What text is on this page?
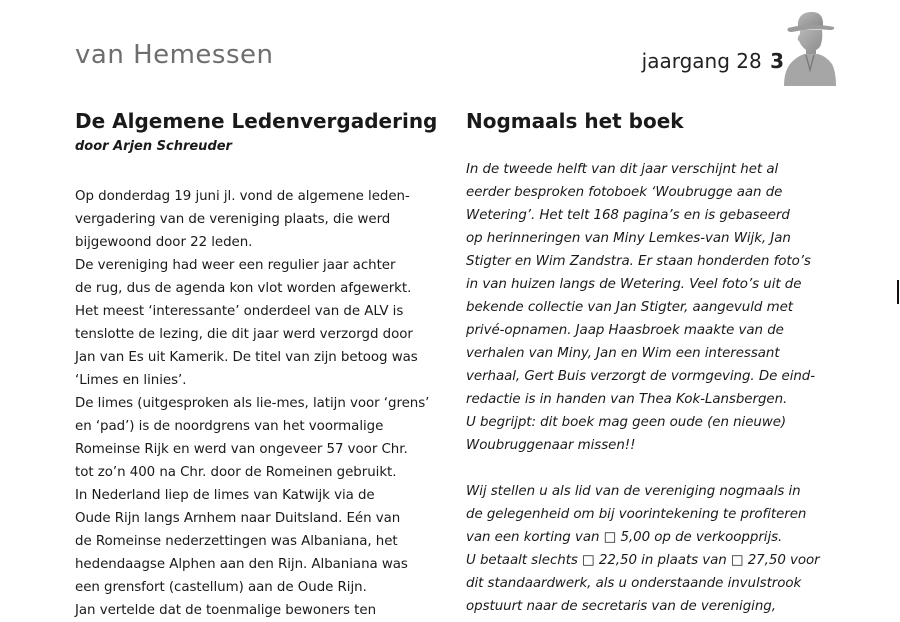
van Hemessen	jaargang 28 3
De Algemene Ledenvergadering
door Arjen Schreuder
Op donderdag 19 juni jl. vond de algemene leden-
vergadering van de vereniging plaats, die werd
bijgewoond door 22 leden.
De vereniging had weer een regulier jaar achter
de rug, dus de agenda kon vlot worden afgewerkt.
Het meest ‘interessante’ onderdeel van de ALV is
tenslotte de lezing, die dit jaar werd verzorgd door
Jan van Es uit Kamerik. De titel van zijn betoog was
‘Limes en linies’.
De limes (uitgesproken als lie-mes, latijn voor ‘grens’
en ‘pad’) is de noordgrens van het voormalige
Romeinse Rijk en werd van ongeveer 57 voor Chr.
tot zo’n 400 na Chr. door de Romeinen gebruikt.
In Nederland liep de limes van Katwijk via de
Oude Rijn langs Arnhem naar Duitsland. Eén van
de Romeinse nederzettingen was Albaniana, het
hedendaagse Alphen aan den Rijn. Albaniana was
een grensfort (castellum) aan de Oude Rijn.
Jan vertelde dat de toenmalige bewoners ten
Nogmaals het boek
In de tweede helft van dit jaar verschijnt het al
eerder besproken fotoboek ‘Woubrugge aan de
Wetering’. Het telt 168 pagina’s en is gebaseerd
op herinneringen van Miny Lemkes-van Wijk, Jan
Stigter en Wim Zandstra. Er staan honderden foto’s
in van huizen langs de Wetering. Veel foto’s uit de
bekende collectie van Jan Stigter, aangevuld met
privé-opnamen. Jaap Haasbroek maakte van de
verhalen van Miny, Jan en Wim een interessant
verhaal, Gert Buis verzorgt de vormgeving. De eind-
redactie is in handen van Thea Kok-Lansbergen.
U begrijpt: dit boek mag geen oude (en nieuwe)
Woubruggenaar missen!!
Wij stellen u als lid van de vereniging nogmaals in
de gelegenheid om bij voorintekening te profiteren
van een korting van □ 5,00 op de verkoopprijs.
U betaalt slechts □ 22,50 in plaats van □ 27,50 voor
dit standaardwerk, als u onderstaande invulstrook
opstuurt naar de secretaris van de vereniging,
